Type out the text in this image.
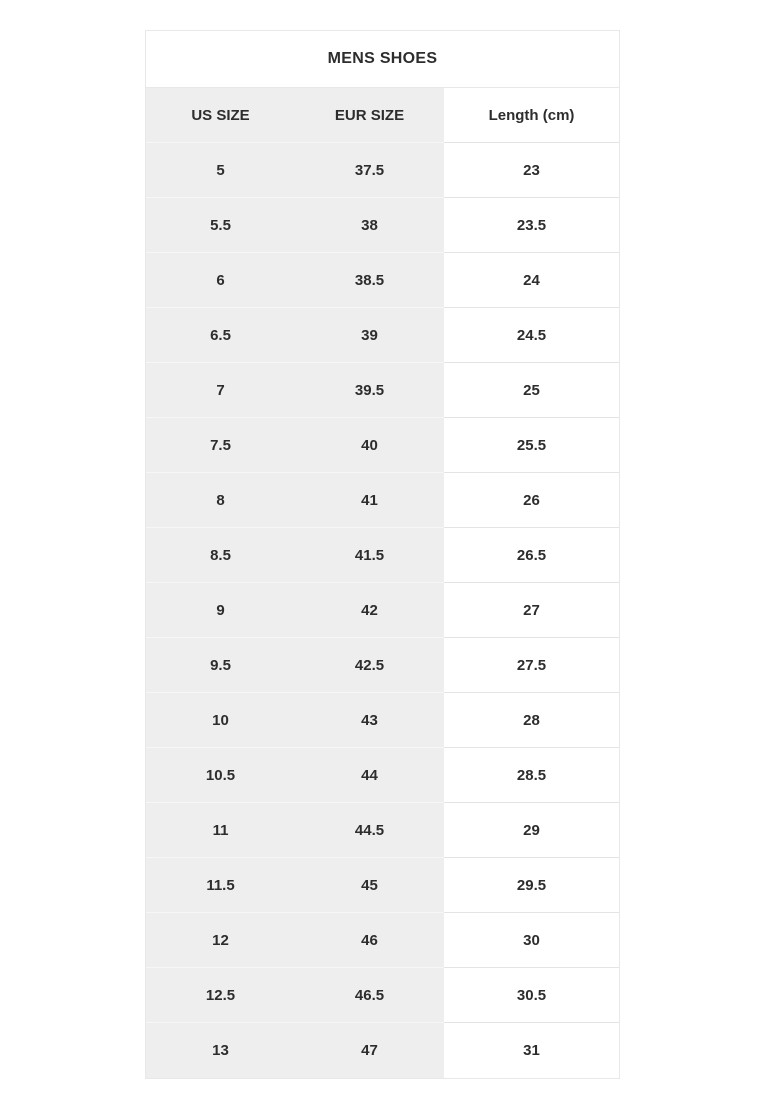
MENS SHOES
US SIZE	EUR SIZE	Length (cm)
5	37.5	23
5.5	38	23.5
6	38.5	24
6.5	39	24.5
7	39.5	25
7.5	40	25.5
8	41	26
8.5	41.5	26.5
9	42	27
9.5	42.5	27.5
10	43	28
10.5	44	28.5
11	44.5	29
11.5	45	29.5
12	46	30
12.5	46.5	30.5
13	47	31
